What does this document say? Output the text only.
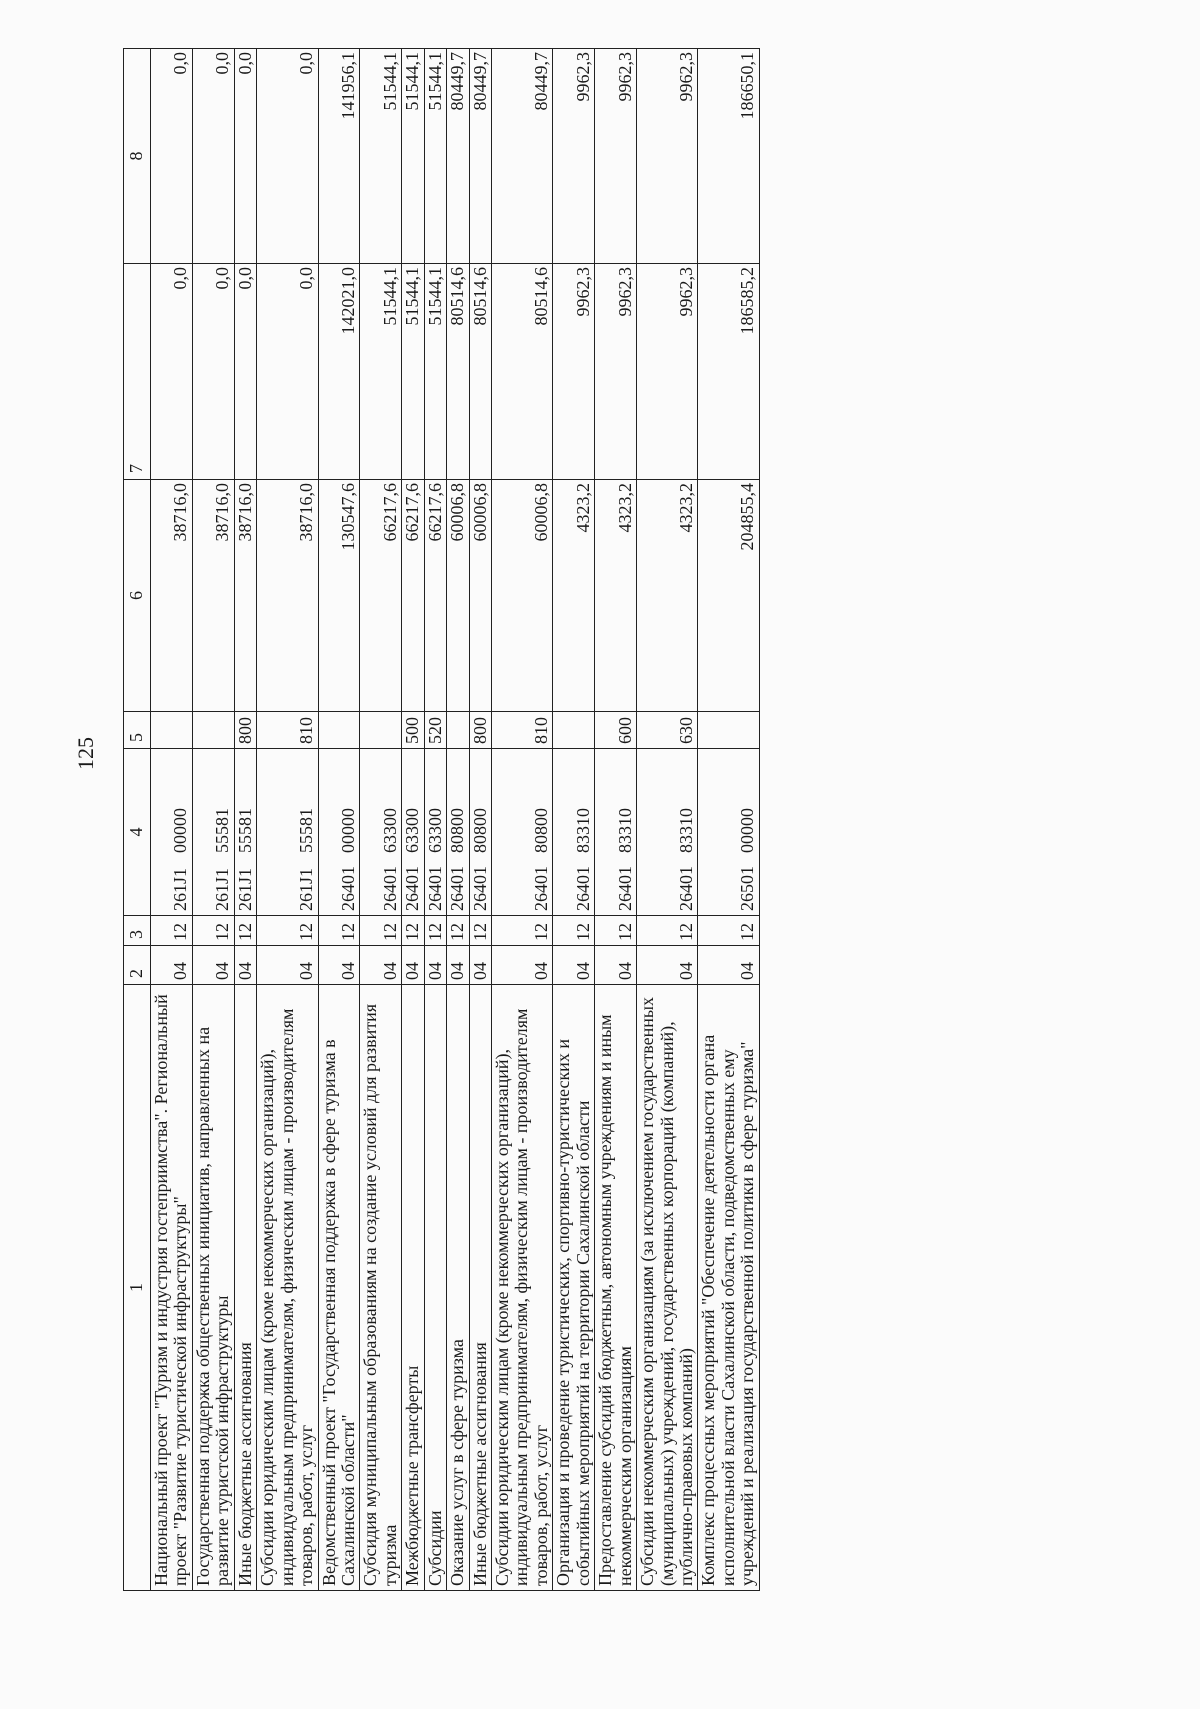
125
1	2	3	4	5	6	7	8
Национальный проект "Туризм и индустрия гостеприимства". Региональный проект "Развитие туристической инфраструктуры"	04	12	261J100000		38716,0	0,0	0,0
Государственная поддержка общественных инициатив, направленных на развитие туристской инфраструктуры	04	12	261J155581		38716,0	0,0	0,0
Иные бюджетные ассигнования	04	12	261J155581	800	38716,0	0,0	0,0
Субсидии юридическим лицам (кроме некоммерческих организаций), индивидуальным предпринимателям, физическим лицам - производителям товаров, работ, услуг	04	12	261J155581	810	38716,0	0,0	0,0
Ведомственный проект "Государственная поддержка в сфере туризма в Сахалинской области"	04	12	2640100000		130547,6	142021,0	141956,1
Субсидия муниципальным образованиям на создание условий для развития туризма	04	12	2640163300		66217,6	51544,1	51544,1
Межбюджетные трансферты	04	12	2640163300	500	66217,6	51544,1	51544,1
Субсидии	04	12	2640163300	520	66217,6	51544,1	51544,1
Оказание услуг в сфере туризма	04	12	2640180800		60006,8	80514,6	80449,7
Иные бюджетные ассигнования	04	12	2640180800	800	60006,8	80514,6	80449,7
Субсидии юридическим лицам (кроме некоммерческих организаций), индивидуальным предпринимателям, физическим лицам - производителям товаров, работ, услуг	04	12	2640180800	810	60006,8	80514,6	80449,7
Организация и проведение туристических, спортивно-туристических и событийных мероприятий на территории Сахалинской области	04	12	2640183310		4323,2	9962,3	9962,3
Предоставление субсидий бюджетным, автономным учреждениям и иным некоммерческим организациям	04	12	2640183310	600	4323,2	9962,3	9962,3
Субсидии некоммерческим организациям (за исключением государственных (муниципальных) учреждений, государственных корпораций (компаний), публично-правовых компаний)	04	12	2640183310	630	4323,2	9962,3	9962,3
Комплекс процессных мероприятий "Обеспечение деятельности органа исполнительной власти Сахалинской области, подведомственных ему учреждений и реализация государственной политики в сфере туризма"	04	12	2650100000		204855,4	186585,2	186650,1
